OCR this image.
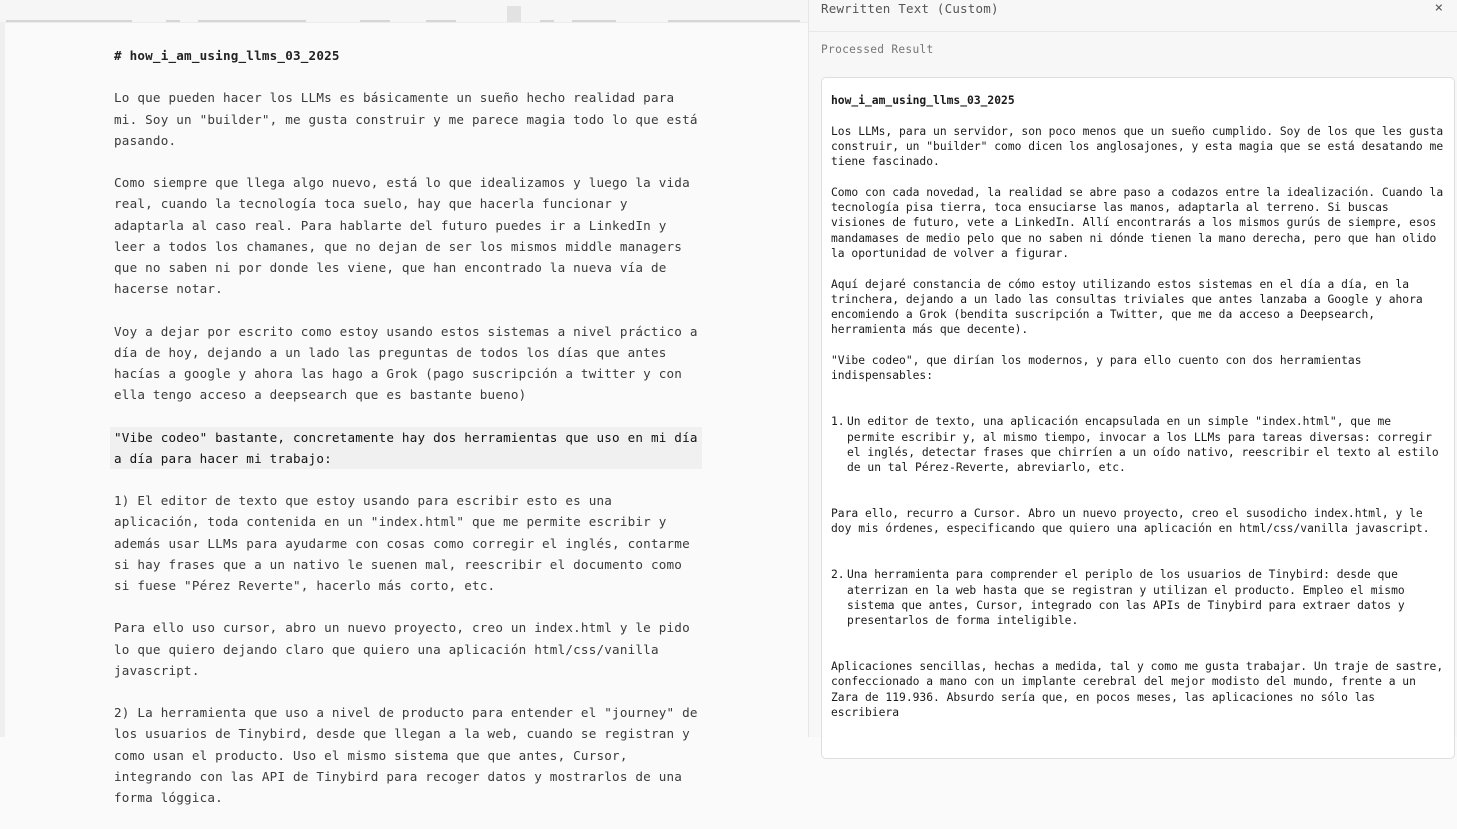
# how_i_am_using_llms_03_2025

Lo que pueden hacer los LLMs es básicamente un sueño hecho realidad para mi. Soy un "builder", me gusta construir y me parece magia todo lo que está pasando.

Como siempre que llega algo nuevo, está lo que idealizamos y luego la vida real, cuando la tecnología toca suelo, hay que hacerla funcionar y adaptarla al caso real. Para hablarte del futuro puedes ir a LinkedIn y leer a todos los chamanes, que no dejan de ser los mismos middle managers que no saben ni por donde les viene, que han encontrado la nueva vía de hacerse notar.

Voy a dejar por escrito como estoy usando estos sistemas a nivel práctico a día de hoy, dejando a un lado las preguntas de todos los días que antes hacías a google y ahora las hago a Grok (pago suscripción a twitter y con ella tengo acceso a deepsearch que es bastante bueno)

"Vibe codeo" bastante, concretamente hay dos herramientas que uso en mi día a día para hacer mi trabajo:

1) El editor de texto que estoy usando para escribir esto es una aplicación, toda contenida en un "index.html" que me permite escribir y además usar LLMs para ayudarme con cosas como corregir el inglés, contarme si hay frases que a un nativo le suenen mal, reescribir el documento como si fuese "Pérez Reverte", hacerlo más corto, etc.

Para ello uso cursor, abro un nuevo proyecto, creo un index.html y le pido lo que quiero dejando claro que quiero una aplicación html/css/vanilla javascript.

2) La herramienta que uso a nivel de producto para entender el "journey" de los usuarios de Tinybird, desde que llegan a la web, cuando se registran y como usan el producto. Uso el mismo sistema que que antes, Cursor, integrando con las API de Tinybird para recoger datos y mostrarlos de una forma lóggica.

Rewritten Text (Custom)	×
Processed Result

how_i_am_using_llms_03_2025

Los LLMs, para un servidor, son poco menos que un sueño cumplido. Soy de los que les gusta construir, un "builder" como dicen los anglosajones, y esta magia que se está desatando me tiene fascinado.

Como con cada novedad, la realidad se abre paso a codazos entre la idealización. Cuando la tecnología pisa tierra, toca ensuciarse las manos, adaptarla al terreno. Si buscas visiones de futuro, vete a LinkedIn. Allí encontrarás a los mismos gurús de siempre, esos mandamases de medio pelo que no saben ni dónde tienen la mano derecha, pero que han olido la oportunidad de volver a figurar.

Aquí dejaré constancia de cómo estoy utilizando estos sistemas en el día a día, en la trinchera, dejando a un lado las consultas triviales que antes lanzaba a Google y ahora encomiendo a Grok (bendita suscripción a Twitter, que me da acceso a Deepsearch, herramienta más que decente).

"Vibe codeo", que dirían los modernos, y para ello cuento con dos herramientas indispensables:

1. Un editor de texto, una aplicación encapsulada en un simple "index.html", que me permite escribir y, al mismo tiempo, invocar a los LLMs para tareas diversas: corregir el inglés, detectar frases que chirríen a un oído nativo, reescribir el texto al estilo de un tal Pérez-Reverte, abreviarlo, etc.

Para ello, recurro a Cursor. Abro un nuevo proyecto, creo el susodicho index.html, y le doy mis órdenes, especificando que quiero una aplicación en html/css/vanilla javascript.

2. Una herramienta para comprender el periplo de los usuarios de Tinybird: desde que aterrizan en la web hasta que se registran y utilizan el producto. Empleo el mismo sistema que antes, Cursor, integrado con las APIs de Tinybird para extraer datos y presentarlos de forma inteligible.

Aplicaciones sencillas, hechas a medida, tal y como me gusta trabajar. Un traje de sastre, confeccionado a mano con un implante cerebral del mejor modisto del mundo, frente a un Zara de 119.936. Absurdo sería que, en pocos meses, las aplicaciones no sólo las escribiera
